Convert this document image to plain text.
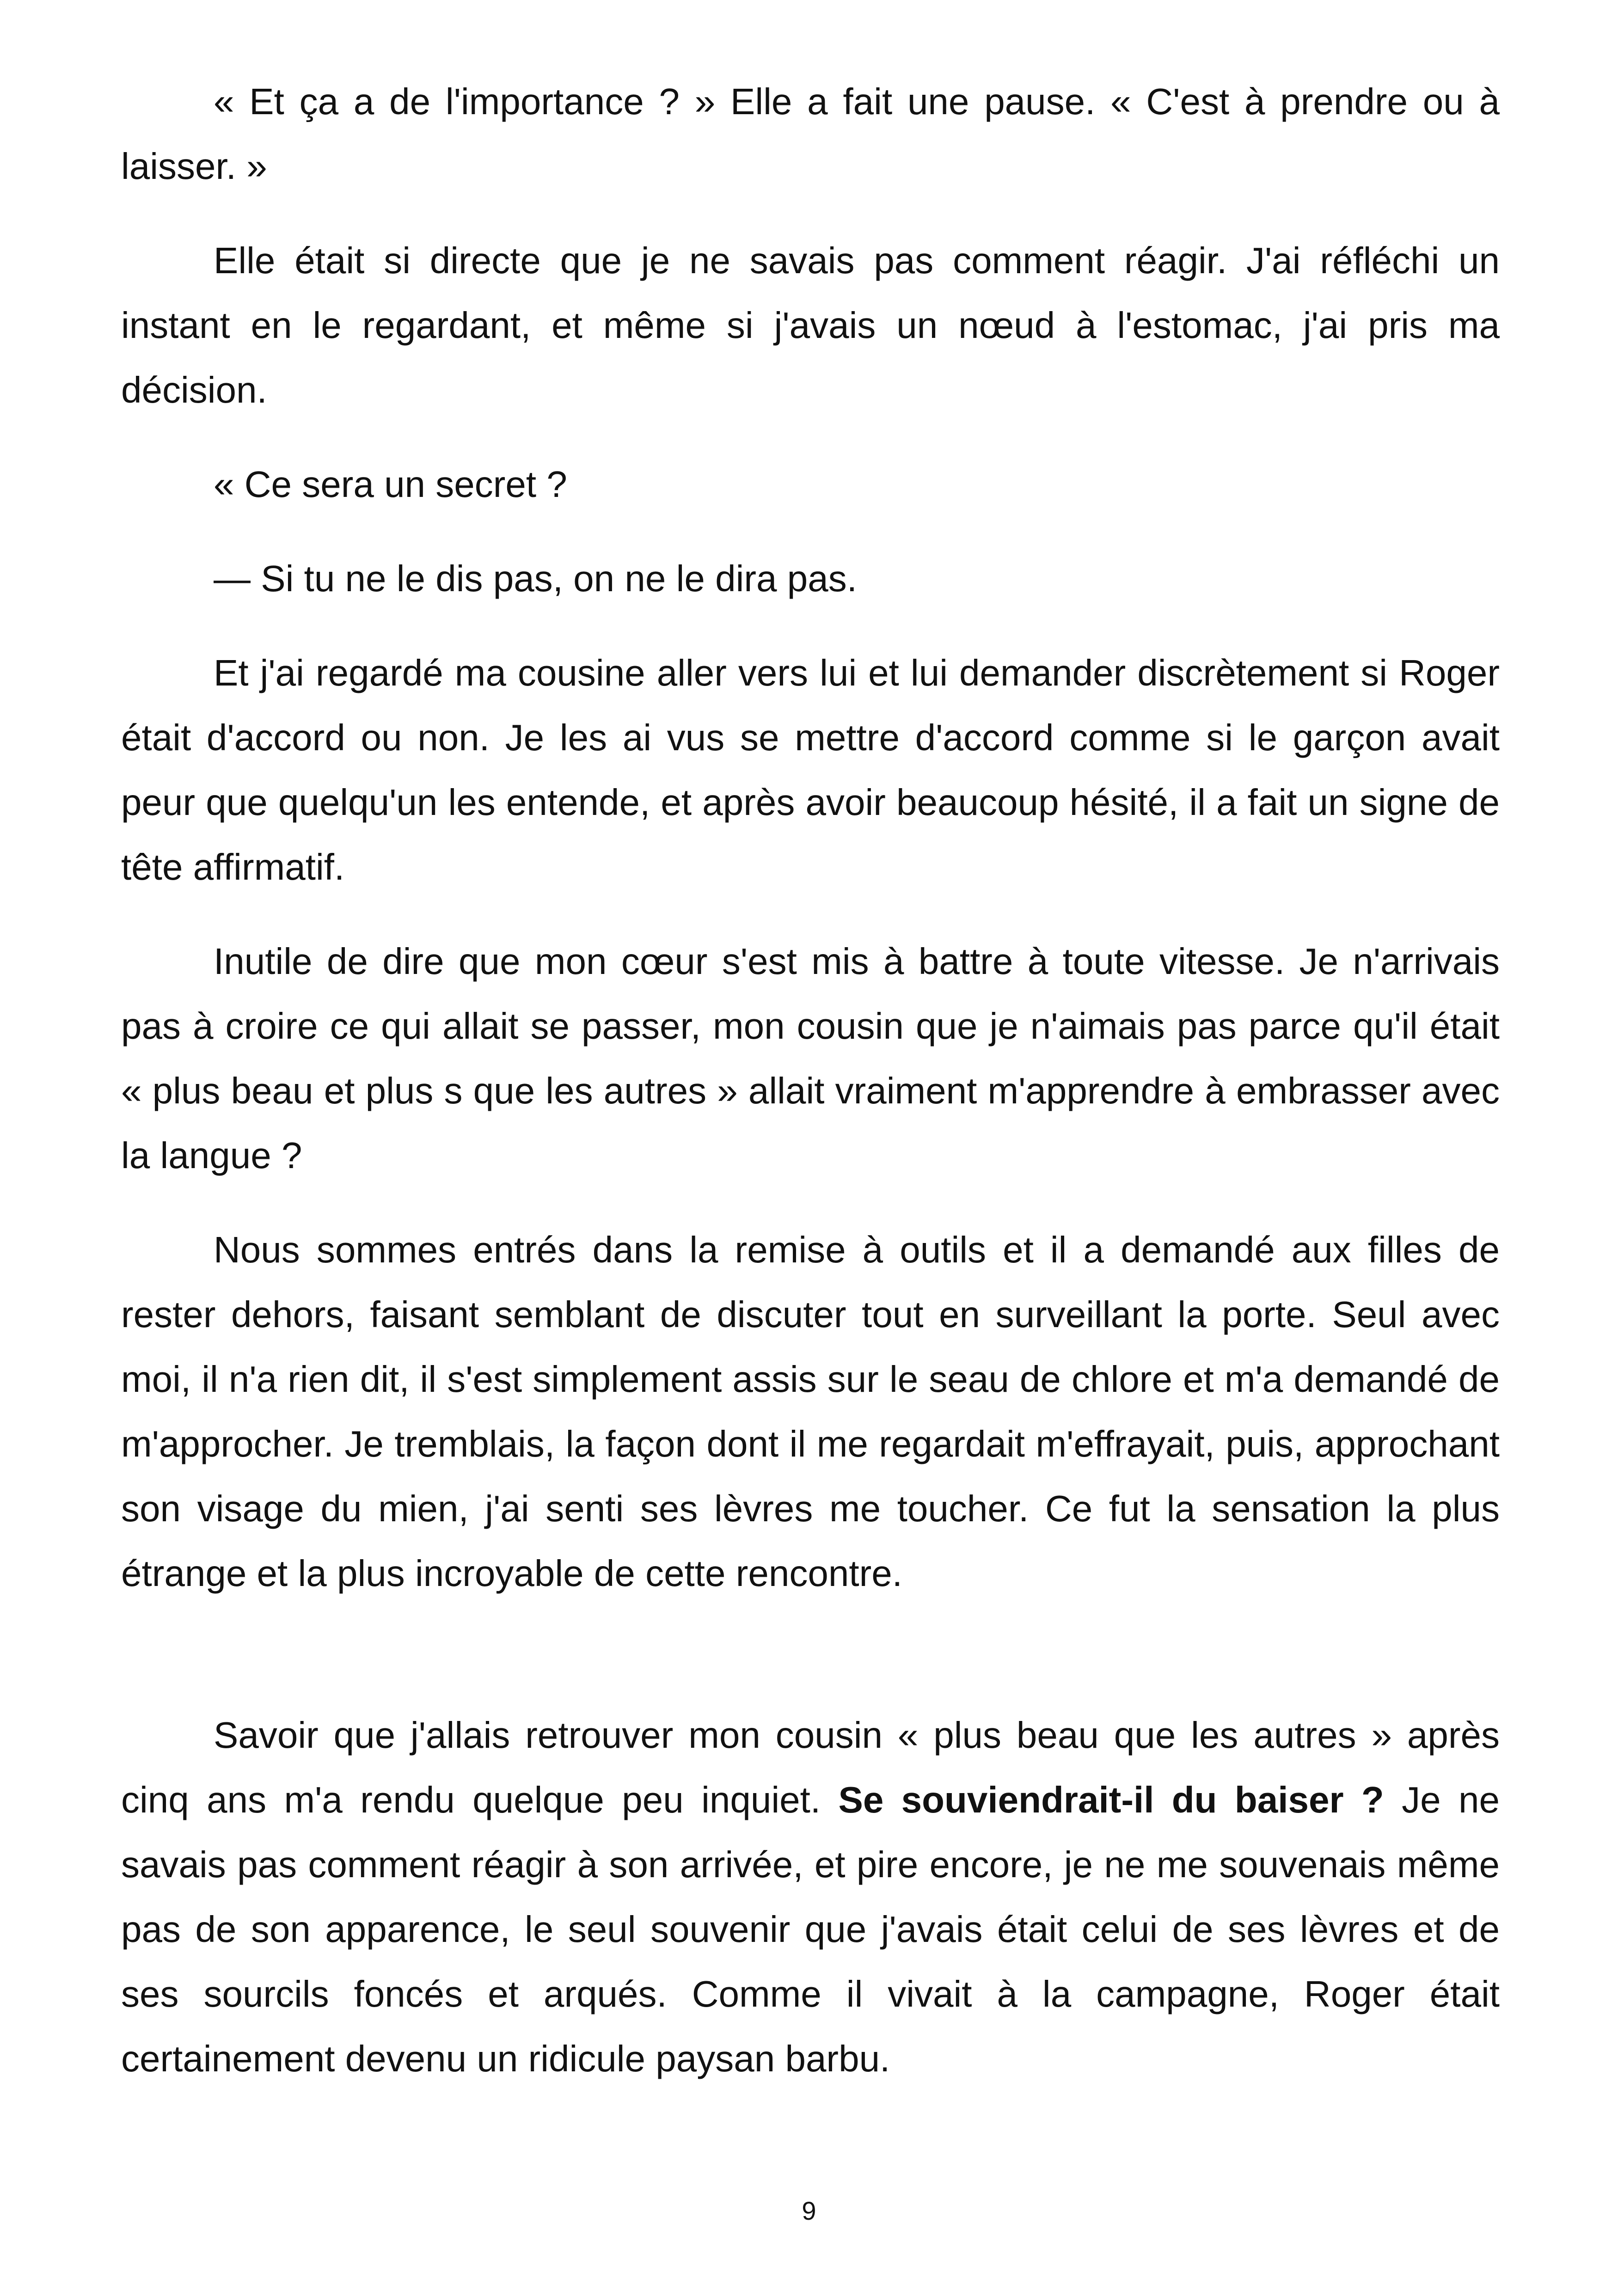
« Et ça a de l'importance ? » Elle a fait une pause. « C'est à prendre ou à laisser. »

Elle était si directe que je ne savais pas comment réagir. J'ai réfléchi un instant en le regardant, et même si j'avais un nœud à l'estomac, j'ai pris ma décision.

« Ce sera un secret ?

— Si tu ne le dis pas, on ne le dira pas.

Et j'ai regardé ma cousine aller vers lui et lui demander discrètement si Roger était d'accord ou non. Je les ai vus se mettre d'accord comme si le garçon avait peur que quelqu'un les entende, et après avoir beaucoup hésité, il a fait un signe de tête affirmatif.

Inutile de dire que mon cœur s'est mis à battre à toute vitesse. Je n'arrivais pas à croire ce qui allait se passer, mon cousin que je n'aimais pas parce qu'il était « plus beau et plus s que les autres » allait vraiment m'apprendre à embrasser avec la langue ?

Nous sommes entrés dans la remise à outils et il a demandé aux filles de rester dehors, faisant semblant de discuter tout en surveillant la porte. Seul avec moi, il n'a rien dit, il s'est simplement assis sur le seau de chlore et m'a demandé de m'approcher. Je tremblais, la façon dont il me regardait m'effrayait, puis, approchant son visage du mien, j'ai senti ses lèvres me toucher. Ce fut la sensation la plus étrange et la plus incroyable de cette rencontre.

Savoir que j'allais retrouver mon cousin « plus beau que les autres » après cinq ans m'a rendu quelque peu inquiet. Se souviendrait-il du baiser ? Je ne savais pas comment réagir à son arrivée, et pire encore, je ne me souvenais même pas de son apparence, le seul souvenir que j'avais était celui de ses lèvres et de ses sourcils foncés et arqués. Comme il vivait à la campagne, Roger était certainement devenu un ridicule paysan barbu.

9
